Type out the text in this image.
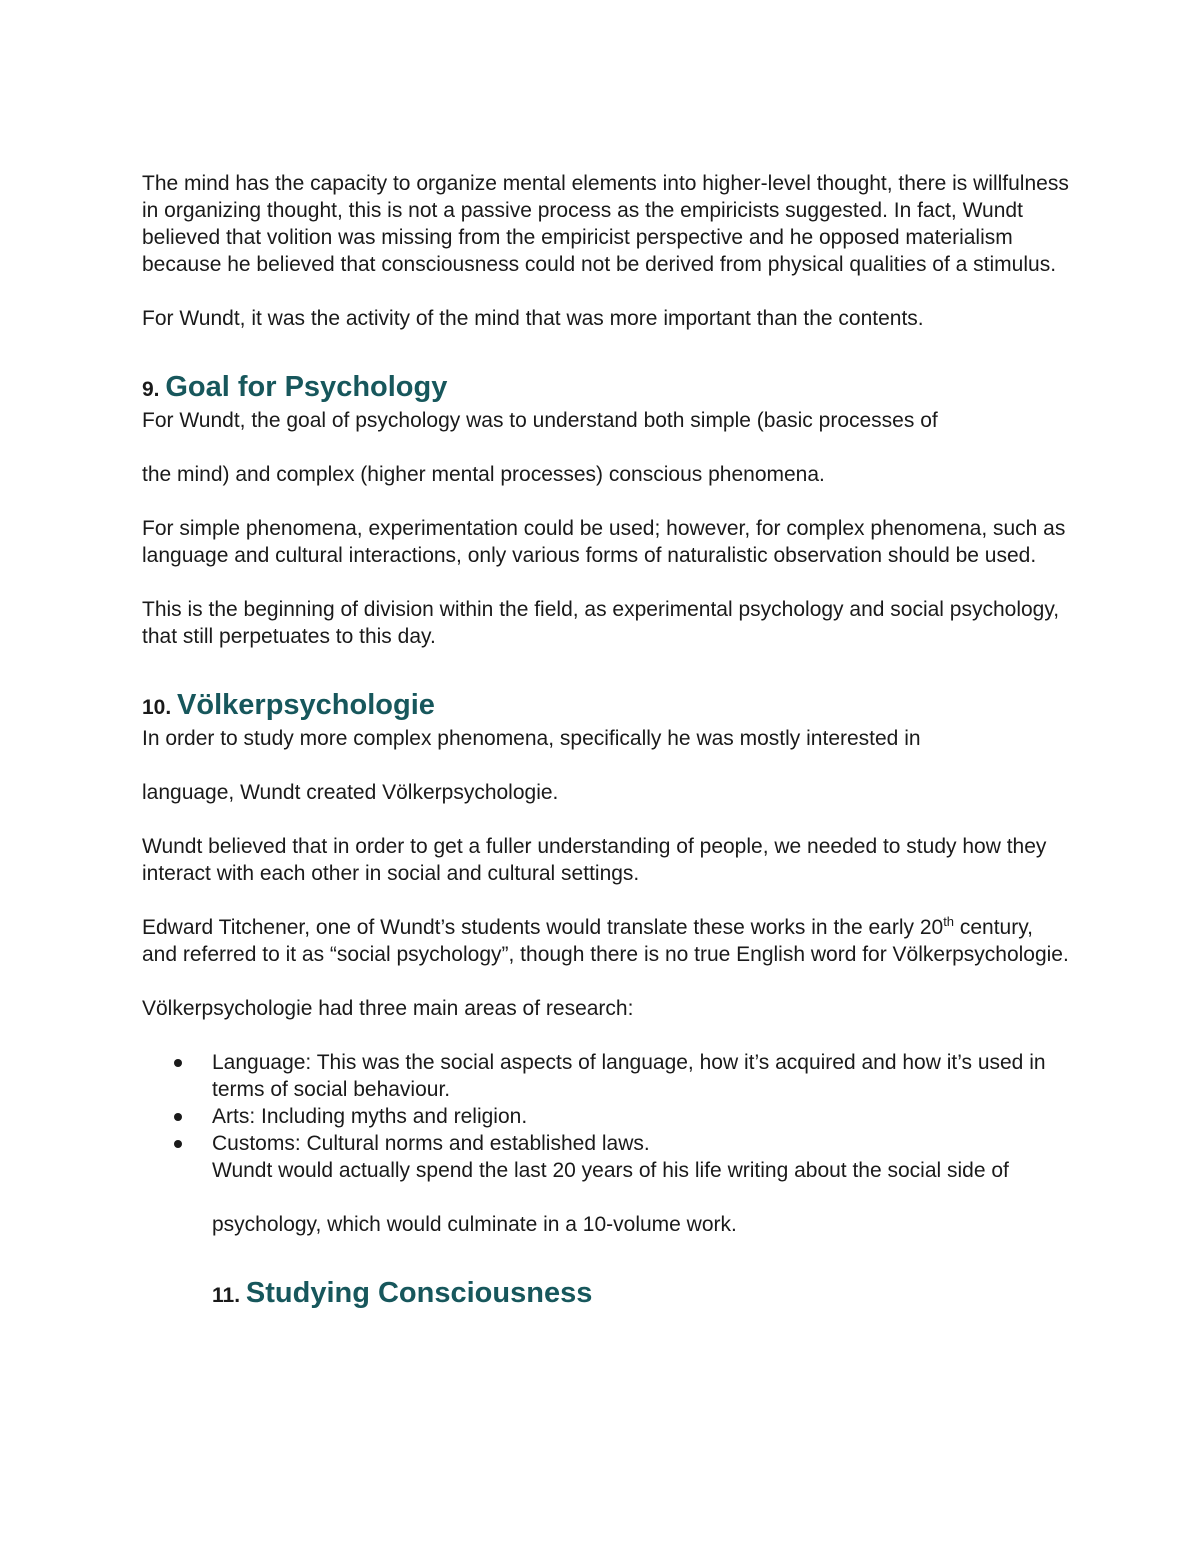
The mind has the capacity to organize mental elements into higher-level thought, there is willfulness in organizing thought, this is not a passive process as the empiricists suggested. In fact, Wundt believed that volition was missing from the empiricist perspective and he opposed materialism because he believed that consciousness could not be derived from physical qualities of a stimulus.

For Wundt, it was the activity of the mind that was more important than the contents.

9. Goal for Psychology

For Wundt, the goal of psychology was to understand both simple (basic processes of

the mind) and complex (higher mental processes) conscious phenomena.

For simple phenomena, experimentation could be used; however, for complex phenomena, such as language and cultural interactions, only various forms of naturalistic observation should be used.

This is the beginning of division within the field, as experimental psychology and social psychology, that still perpetuates to this day.

10. Völkerpsychologie

In order to study more complex phenomena, specifically he was mostly interested in

language, Wundt created Völkerpsychologie.

Wundt believed that in order to get a fuller understanding of people, we needed to study how they interact with each other in social and cultural settings.

Edward Titchener, one of Wundt’s students would translate these works in the early 20th century, and referred to it as “social psychology”, though there is no true English word for Völkerpsychologie.

Völkerpsychologie had three main areas of research:

Language: This was the social aspects of language, how it’s acquired and how it’s used in terms of social behaviour.
Arts: Including myths and religion.
Customs: Cultural norms and established laws.
Wundt would actually spend the last 20 years of his life writing about the social side of

psychology, which would culminate in a 10-volume work.

11. Studying Consciousness
